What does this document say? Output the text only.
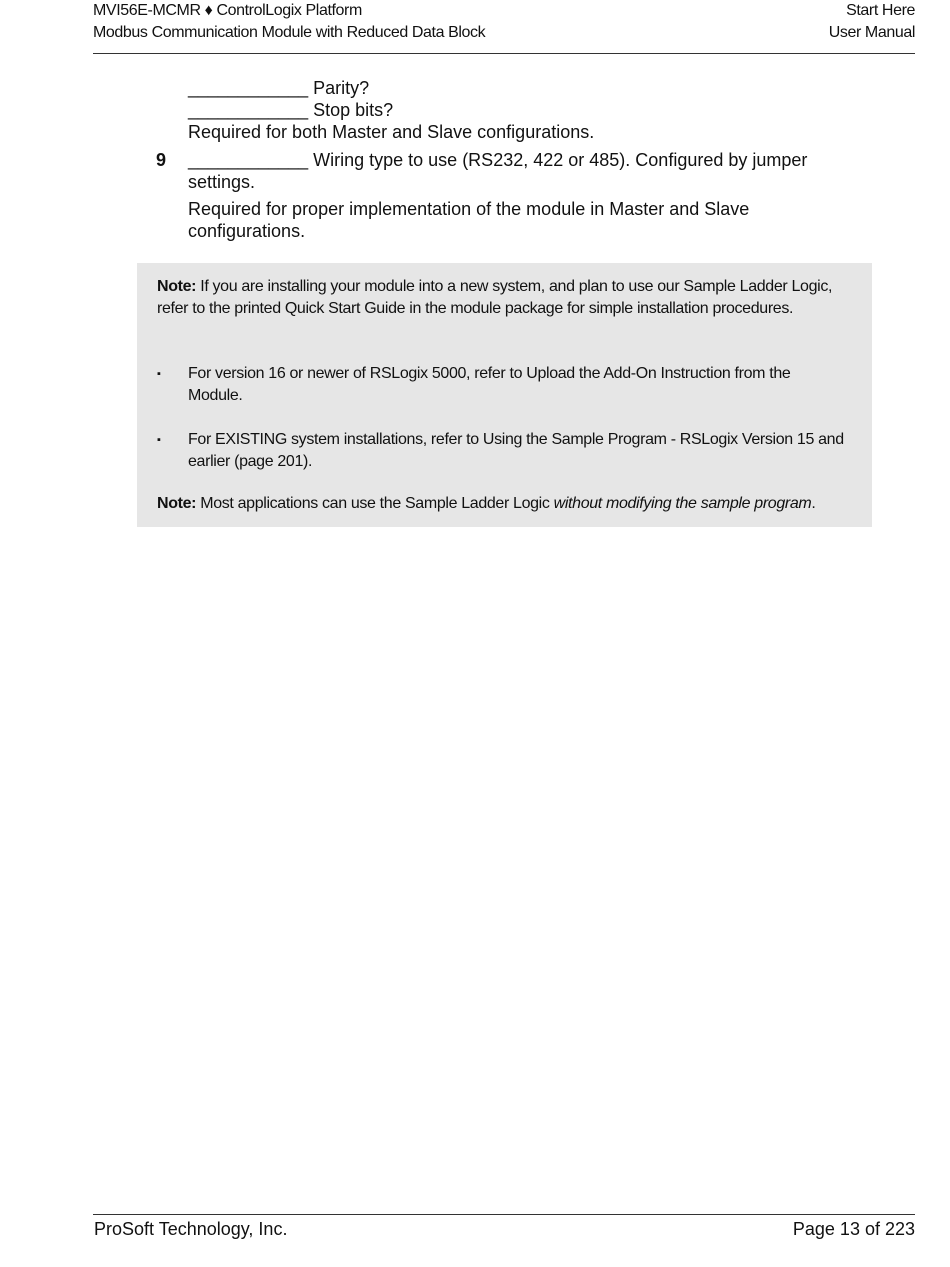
MVI56E-MCMR ♦ ControlLogix Platform
Modbus Communication Module with Reduced Data Block
Start Here
User Manual
____________ Parity?
____________ Stop bits?
Required for both Master and Slave configurations.
9 ____________ Wiring type to use (RS232, 422 or 485). Configured by jumper settings.
Required for proper implementation of the module in Master and Slave configurations.
Note: If you are installing your module into a new system, and plan to use our Sample Ladder Logic, refer to the printed Quick Start Guide in the module package for simple installation procedures.
▪ For version 16 or newer of RSLogix 5000, refer to Upload the Add-On Instruction from the Module.
▪ For EXISTING system installations, refer to Using the Sample Program - RSLogix Version 15 and earlier (page 201).
Note: Most applications can use the Sample Ladder Logic without modifying the sample program.
ProSoft Technology, Inc.	Page 13 of 223
